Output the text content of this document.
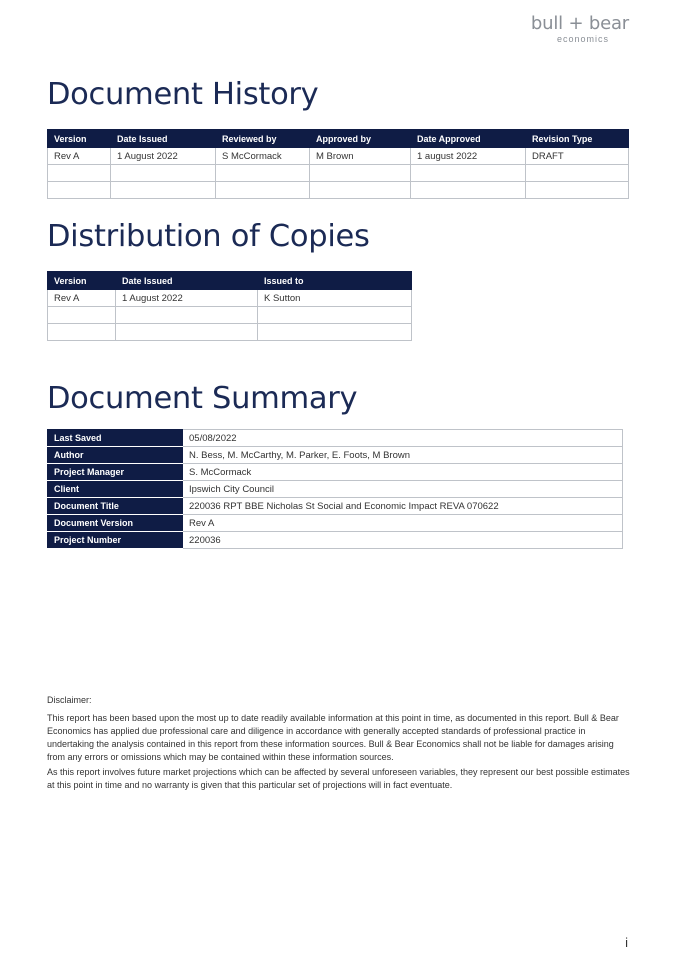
bull + bear
economics
Document History
Version	Date Issued	Reviewed by	Approved by	Date Approved	Revision Type
Rev A	1 August 2022	S McCormack	M Brown	1 august 2022	DRAFT

Distribution of Copies
Version	Date Issued	Issued to
Rev A	1 August 2022	K Sutton

Document Summary
Last Saved	05/08/2022
Author	N. Bess, M. McCarthy, M. Parker, E. Foots, M Brown
Project Manager	S. McCormack
Client	Ipswich City Council
Document Title	220036 RPT BBE Nicholas St Social and Economic Impact REVA 070622
Document Version	Rev A
Project Number	220036

Disclaimer:

This report has been based upon the most up to date readily available information at this point in time, as documented in this report. Bull & Bear Economics has applied due professional care and diligence in accordance with generally accepted standards of professional practice in undertaking the analysis contained in this report from these information sources. Bull & Bear Economics shall not be liable for damages arising from any errors or omissions which may be contained within these information sources.

As this report involves future market projections which can be affected by several unforeseen variables, they represent our best possible estimates at this point in time and no warranty is given that this particular set of projections will in fact eventuate.

i
